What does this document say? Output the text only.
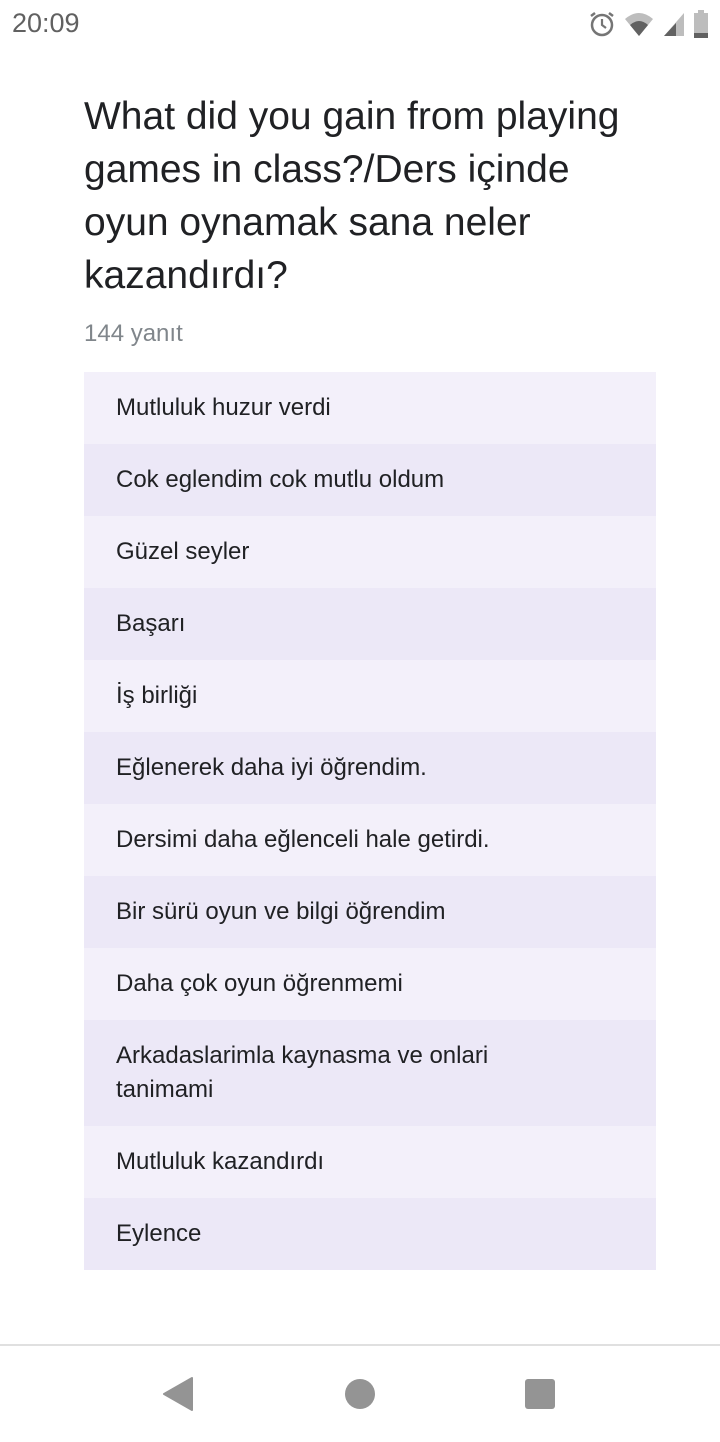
20:09
What did you gain from playing games in class?/Ders içinde oyun oynamak sana neler kazandırdı?
144 yanıt
Mutluluk huzur verdi
Cok eglendim cok mutlu oldum
Güzel seyler
Başarı
İş birliği
Eğlenerek daha iyi öğrendim.
Dersimi daha eğlenceli hale getirdi.
Bir sürü oyun ve bilgi öğrendim
Daha çok oyun öğrenmemi
Arkadaslarimla kaynasma ve onlari tanimami
Mutluluk kazandırdı
Eylence
